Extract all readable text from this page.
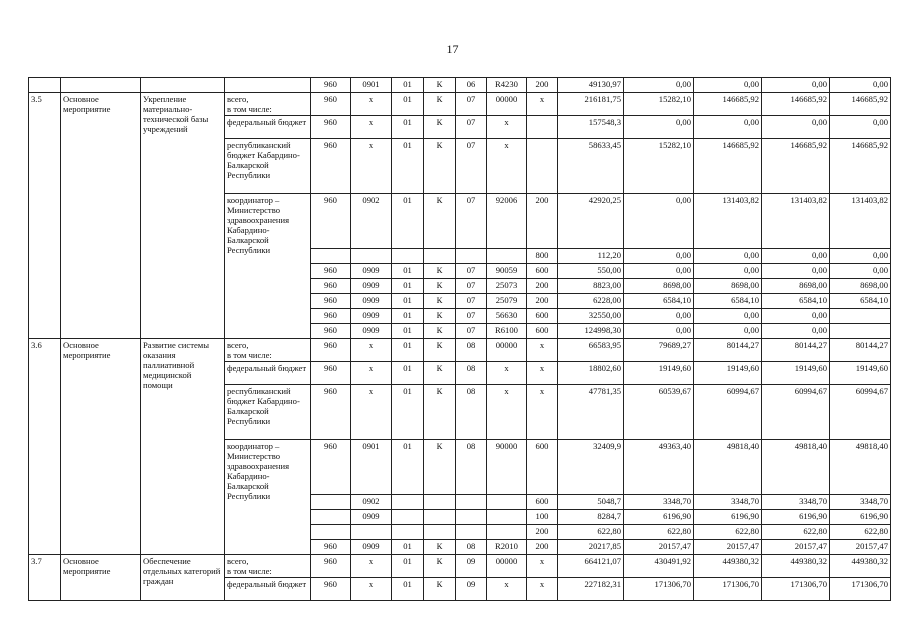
17
				960	0901	01	К	06	R4230	200	49130,97	0,00	0,00	0,00	0,00
3.5	Основное мероприятие	Укрепление материально-технической базы учреждений	всего,
в том числе:	960	х	01	К	07	00000	х	216181,75	15282,10	146685,92	146685,92	146685,92
			федеральный бюджет	960	х	01	К	07	х		157548,3	0,00	0,00	0,00	0,00
			республиканский бюджет Кабардино-Балкарской Республики	960	х	01	К	07	х		58633,45	15282,10	146685,92	146685,92	146685,92
			координатор – Министерство здравоохранения Кабардино-Балкарской Республики	960	0902	01	К	07	92006	200	42920,25	0,00	131403,82	131403,82	131403,82
										800	112,20	0,00	0,00	0,00	0,00
				960	0909	01	К	07	90059	600	550,00	0,00	0,00	0,00	0,00
				960	0909	01	К	07	25073	200	8823,00	8698,00	8698,00	8698,00	8698,00
				960	0909	01	К	07	25079	200	6228,00	6584,10	6584,10	6584,10	6584,10
				960	0909	01	К	07	56630	600	32550,00	0,00	0,00	0,00	
				960	0909	01	К	07	R6100	600	124998,30	0,00	0,00	0,00	
3.6	Основное мероприятие	Развитие системы оказания паллиативной медицинской помощи	всего,
в том числе:	960	х	01	К	08	00000	х	66583,95	79689,27	80144,27	80144,27	80144,27
			федеральный бюджет	960	х	01	К	08	х	х	18802,60	19149,60	19149,60	19149,60	19149,60
			республиканский бюджет Кабардино-Балкарской Республики	960	х	01	К	08	х	х	47781,35	60539,67	60994,67	60994,67	60994,67
			координатор – Министерство здравоохранения Кабардино-Балкарской Республики	960	0901	01	К	08	90000	600	32409,9	49363,40	49818,40	49818,40	49818,40
					0902					600	5048,7	3348,70	3348,70	3348,70	3348,70
					0909					100	8284,7	6196,90	6196,90	6196,90	6196,90
										200	622,80	622,80	622,80	622,80	622,80
				960	0909	01	К	08	R2010	200	20217,85	20157,47	20157,47	20157,47	20157,47
3.7	Основное мероприятие	Обеспечение отдельных категорий граждан	всего,
в том числе:	960	х	01	К	09	00000	х	664121,07	430491,92	449380,32	449380,32	449380,32
			федеральный бюджет	960	х	01	К	09	х	х	227182,31	171306,70	171306,70	171306,70	171306,70
